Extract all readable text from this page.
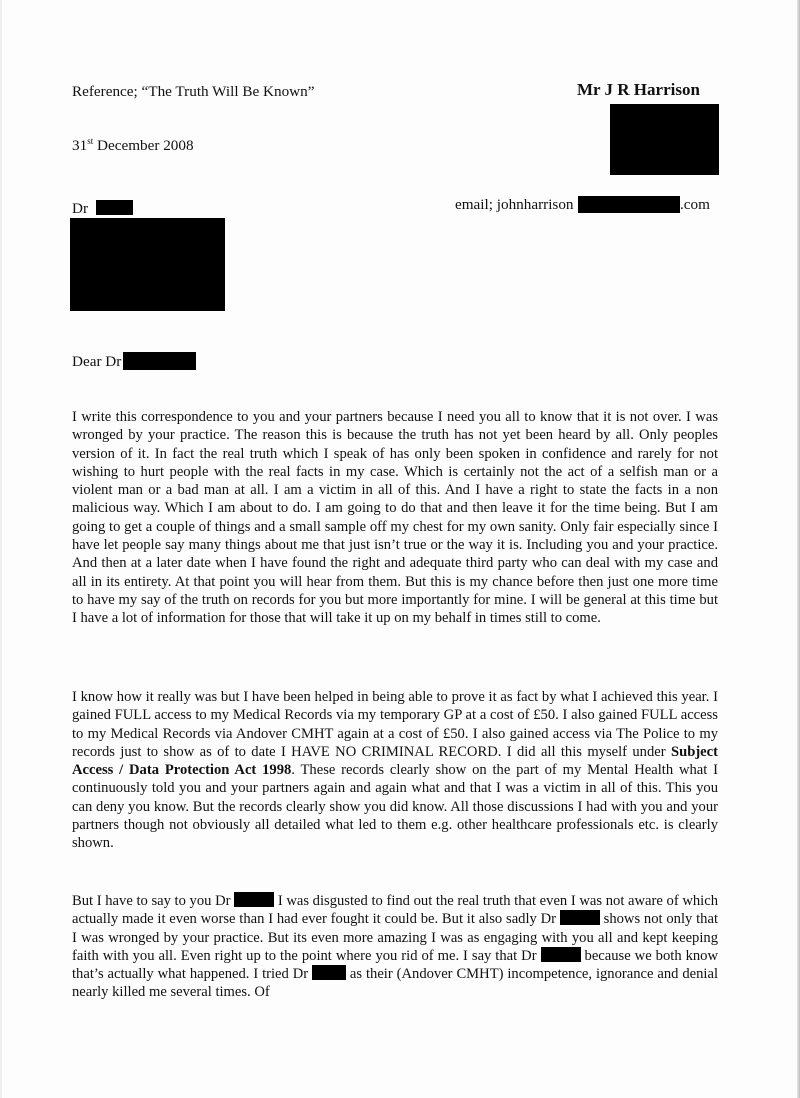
Reference; “The Truth Will Be Known”	Mr J R Harrison
31st December 2008
email; johnharrison	.com
Dr
Dear Dr
I write this correspondence to you and your partners because I need you all to know that it is not over. I was wronged by your practice. The reason this is because the truth has not yet been heard by all. Only peoples version of it. In fact the real truth which I speak of has only been spoken in confidence and rarely for not wishing to hurt people with the real facts in my case. Which is certainly not the act of a selfish man or a violent man or a bad man at all. I am a victim in all of this. And I have a right to state the facts in a non malicious way. Which I am about to do. I am going to do that and then leave it for the time being. But I am going to get a couple of things and a small sample off my chest for my own sanity. Only fair especially since I have let people say many things about me that just isn’t true or the way it is. Including you and your practice. And then at a later date when I have found the right and adequate third party who can deal with my case and all in its entirety. At that point you will hear from them. But this is my chance before then just one more time to have my say of the truth on records for you but more importantly for mine. I will be general at this time but I have a lot of information for those that will take it up on my behalf in times still to come.
I know how it really was but I have been helped in being able to prove it as fact by what I achieved this year. I gained FULL access to my Medical Records via my temporary GP at a cost of £50. I also gained FULL access to my Medical Records via Andover CMHT again at a cost of £50. I also gained access via The Police to my records just to show as of to date I HAVE NO CRIMINAL RECORD. I did all this myself under Subject Access / Data Protection Act 1998. These records clearly show on the part of my Mental Health what I continuously told you and your partners again and again what and that I was a victim in all of this. This you can deny you know. But the records clearly show you did know. All those discussions I had with you and your partners though not obviously all detailed what led to them e.g. other healthcare professionals etc. is clearly shown.
But I have to say to you Dr	I was disgusted to find out the real truth that even I was not aware of which actually made it even worse than I had ever fought it could be. But it also sadly Dr	shows not only that I was wronged by your practice. But its even more amazing I was as engaging with you all and kept keeping faith with you all. Even right up to the point where you rid of me. I say that Dr	because we both know that’s actually what happened. I tried Dr	as their (Andover CMHT) incompetence, ignorance and denial nearly killed me several times. Of
